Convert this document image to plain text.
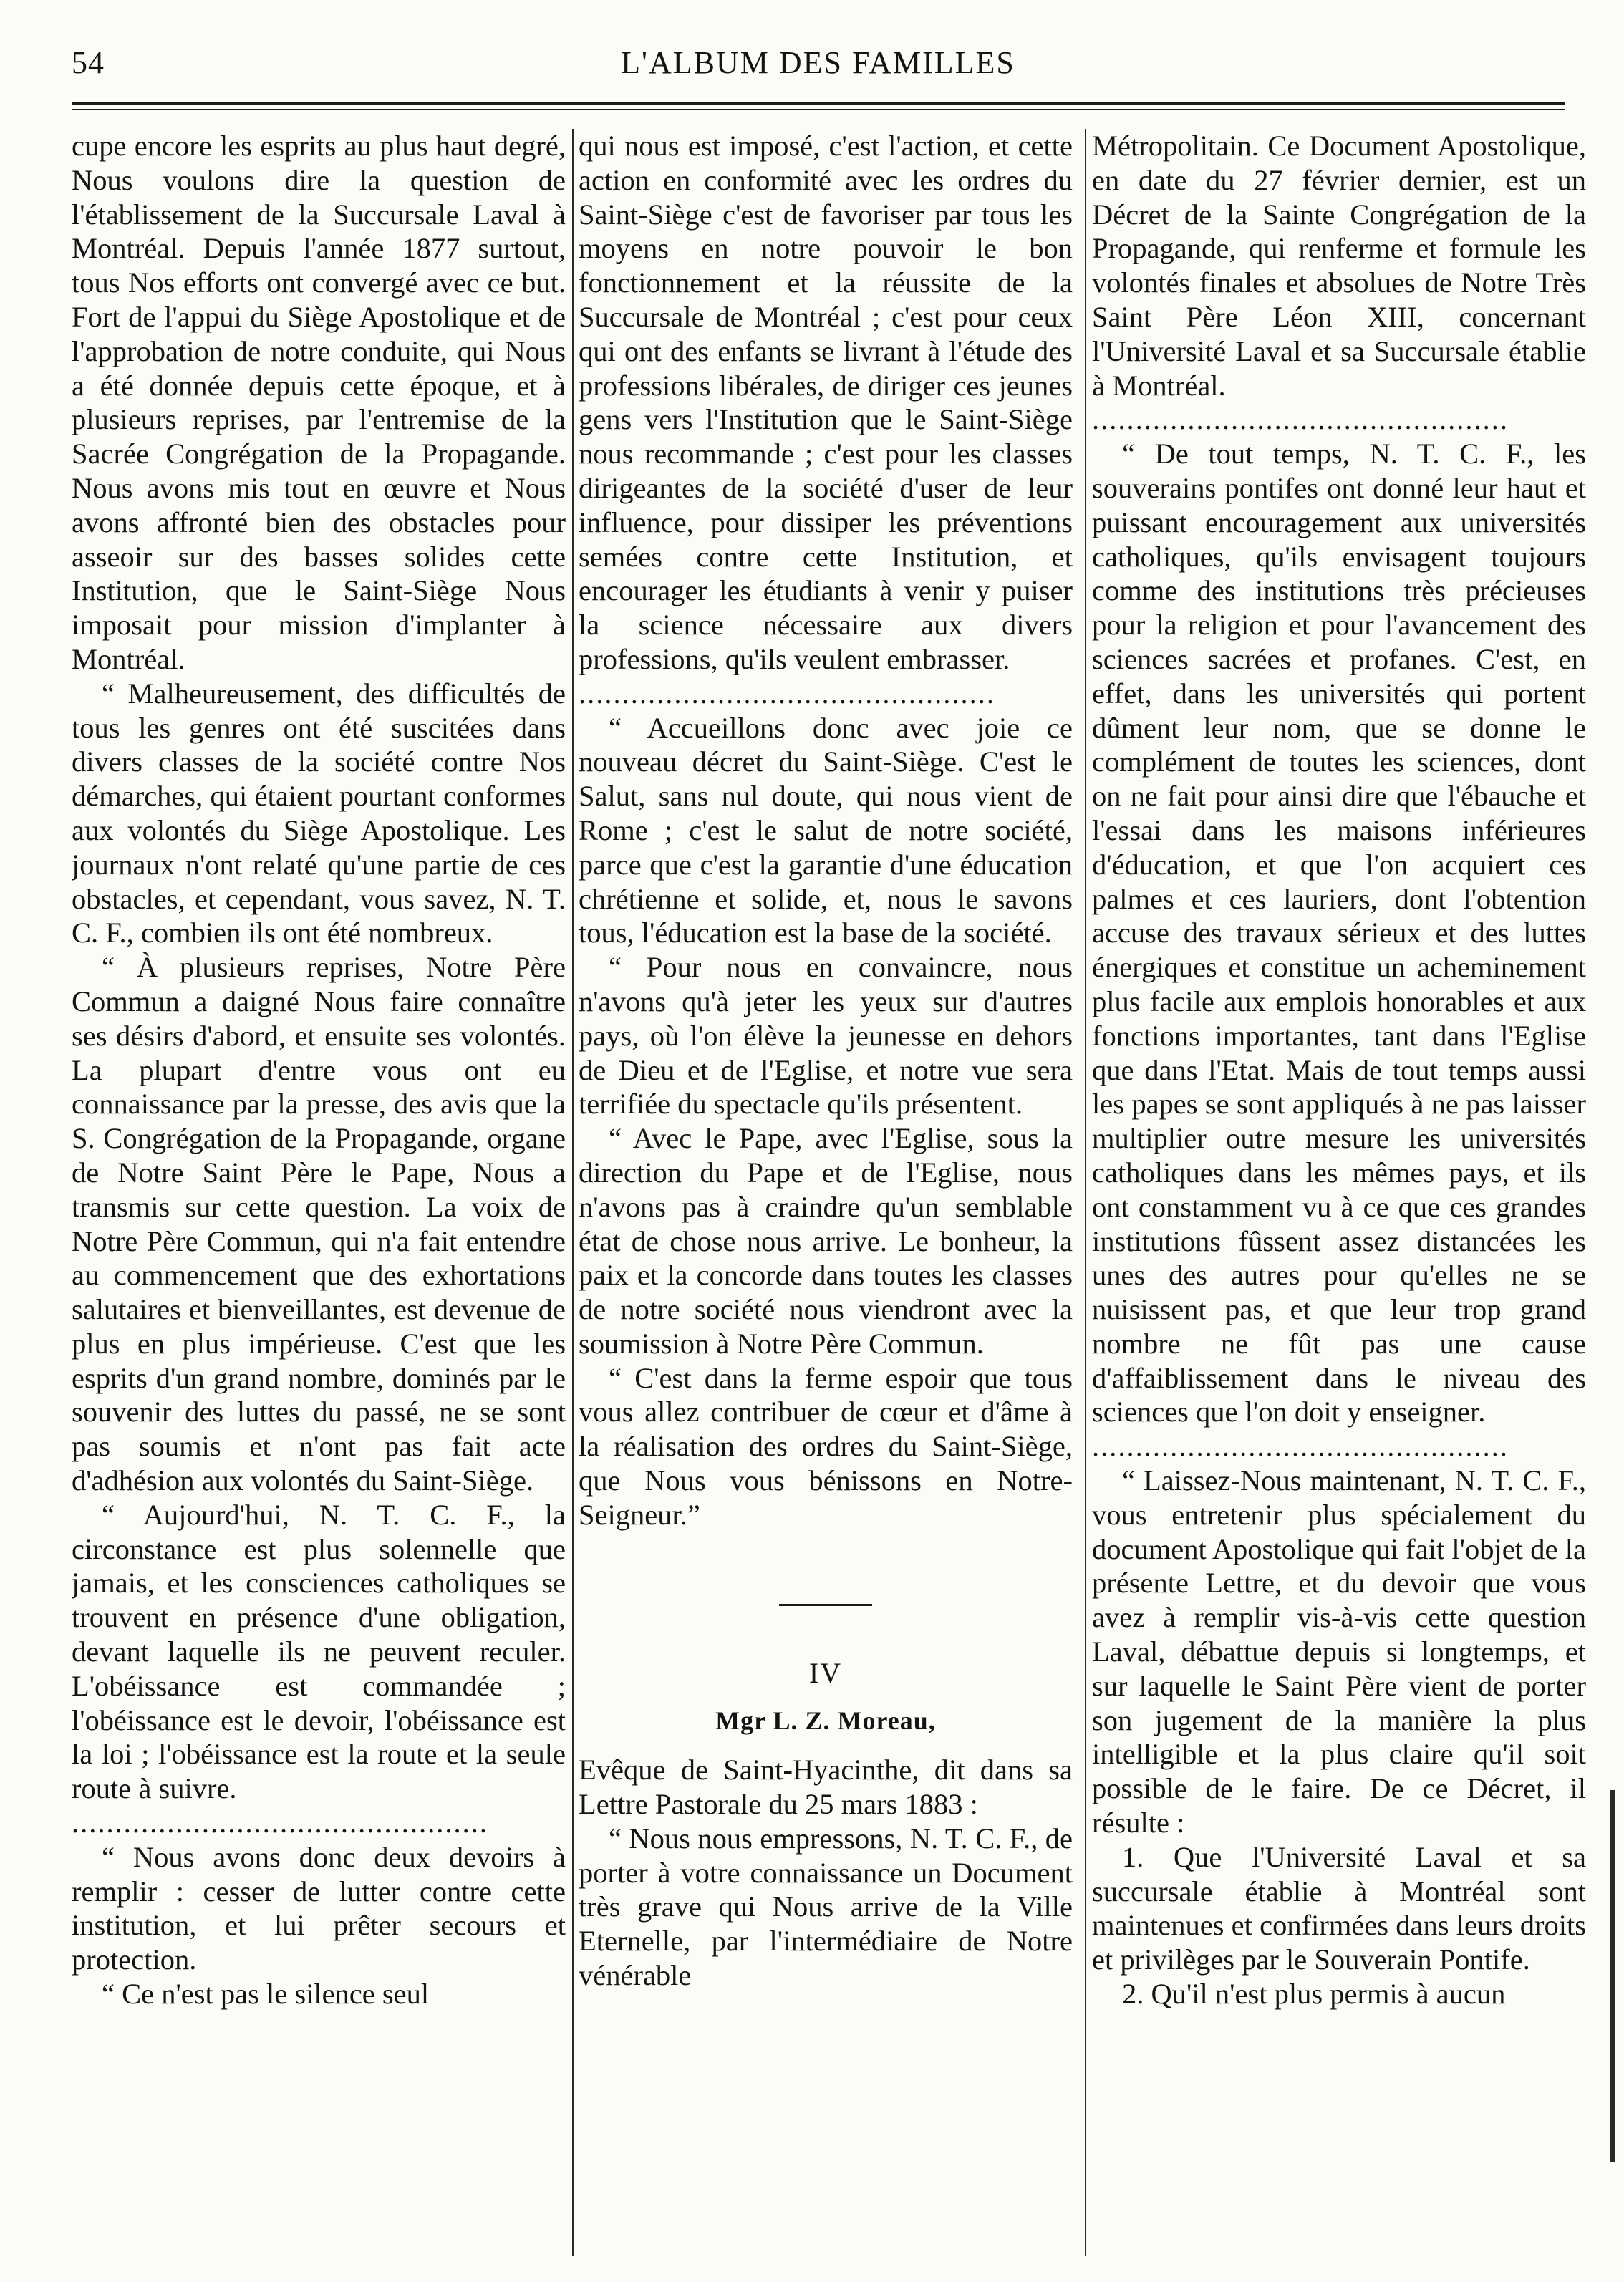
54	L'ALBUM DES FAMILLES

cupe encore les esprits au plus haut degré, Nous voulons dire la question de l'établissement de la Succursale Laval à Montréal. Depuis l'année 1877 surtout, tous Nos efforts ont convergé avec ce but. Fort de l'appui du Siège Apostolique et de l'approbation de notre conduite, qui Nous a été donnée depuis cette époque, et à plusieurs reprises, par l'entremise de la Sacrée Congrégation de la Propagande. Nous avons mis tout en œuvre et Nous avons affronté bien des obstacles pour asseoir sur des basses solides cette Institution, que le Saint-Siège Nous imposait pour mission d'implanter à Montréal.

“ Malheureusement, des difficultés de tous les genres ont été suscitées dans divers classes de la société contre Nos démarches, qui étaient pourtant conformes aux volontés du Siège Apostolique. Les journaux n'ont relaté qu'une partie de ces obstacles, et cependant, vous savez, N. T. C. F., combien ils ont été nombreux.

“ À plusieurs reprises, Notre Père Commun a daigné Nous faire connaître ses désirs d'abord, et ensuite ses volontés. La plupart d'entre vous ont eu connaissance par la presse, des avis que la S. Congrégation de la Propagande, organe de Notre Saint Père le Pape, Nous a transmis sur cette question. La voix de Notre Père Commun, qui n'a fait entendre au commencement que des exhortations salutaires et bienveillantes, est devenue de plus en plus impérieuse. C'est que les esprits d'un grand nombre, dominés par le souvenir des luttes du passé, ne se sont pas soumis et n'ont pas fait acte d'adhésion aux volontés du Saint-Siège.

“ Aujourd'hui, N. T. C. F., la circonstance est plus solennelle que jamais, et les consciences catholiques se trouvent en présence d'une obligation, devant laquelle ils ne peuvent reculer. L'obéissance est commandée ; l'obéissance est le devoir, l'obéissance est la loi ; l'obéissance est la route et la seule route à suivre.

................................................

“ Nous avons donc deux devoirs à remplir : cesser de lutter contre cette institution, et lui prêter secours et protection.

“ Ce n'est pas le silence seul

qui nous est imposé, c'est l'action, et cette action en conformité avec les ordres du Saint-Siège c'est de favoriser par tous les moyens en notre pouvoir le bon fonctionnement et la réussite de la Succursale de Montréal ; c'est pour ceux qui ont des enfants se livrant à l'étude des professions libérales, de diriger ces jeunes gens vers l'Institution que le Saint-Siège nous recommande ; c'est pour les classes dirigeantes de la société d'user de leur influence, pour dissiper les préventions semées contre cette Institution, et encourager les étudiants à venir y puiser la science nécessaire aux divers professions, qu'ils veulent embrasser.

................................................

“ Accueillons donc avec joie ce nouveau décret du Saint-Siège. C'est le Salut, sans nul doute, qui nous vient de Rome ; c'est le salut de notre société, parce que c'est la garantie d'une éducation chrétienne et solide, et, nous le savons tous, l'éducation est la base de la société.

“ Pour nous en convaincre, nous n'avons qu'à jeter les yeux sur d'autres pays, où l'on élève la jeunesse en dehors de Dieu et de l'Eglise, et notre vue sera terrifiée du spectacle qu'ils présentent.

“ Avec le Pape, avec l'Eglise, sous la direction du Pape et de l'Eglise, nous n'avons pas à craindre qu'un semblable état de chose nous arrive. Le bonheur, la paix et la concorde dans toutes les classes de notre société nous viendront avec la soumission à Notre Père Commun.

“ C'est dans la ferme espoir que tous vous allez contribuer de cœur et d'âme à la réalisation des ordres du Saint-Siège, que Nous vous bénissons en Notre-Seigneur.”

IV
Mgr L. Z. Moreau,

Evêque de Saint-Hyacinthe, dit dans sa Lettre Pastorale du 25 mars 1883 :

“ Nous nous empressons, N. T. C. F., de porter à votre connaissance un Document très grave qui Nous arrive de la Ville Eternelle, par l'intermédiaire de Notre vénérable

Métropolitain. Ce Document Apostolique, en date du 27 février dernier, est un Décret de la Sainte Congrégation de la Propagande, qui renferme et formule les volontés finales et absolues de Notre Très Saint Père Léon XIII, concernant l'Université Laval et sa Succursale établie à Montréal.

................................................

“ De tout temps, N. T. C. F., les souverains pontifes ont donné leur haut et puissant encouragement aux universités catholiques, qu'ils envisagent toujours comme des institutions très précieuses pour la religion et pour l'avancement des sciences sacrées et profanes. C'est, en effet, dans les universités qui portent dûment leur nom, que se donne le complément de toutes les sciences, dont on ne fait pour ainsi dire que l'ébauche et l'essai dans les maisons inférieures d'éducation, et que l'on acquiert ces palmes et ces lauriers, dont l'obtention accuse des travaux sérieux et des luttes énergiques et constitue un acheminement plus facile aux emplois honorables et aux fonctions importantes, tant dans l'Eglise que dans l'Etat. Mais de tout temps aussi les papes se sont appliqués à ne pas laisser multiplier outre mesure les universités catholiques dans les mêmes pays, et ils ont constamment vu à ce que ces grandes institutions fûssent assez distancées les unes des autres pour qu'elles ne se nuisissent pas, et que leur trop grand nombre ne fût pas une cause d'affaiblissement dans le niveau des sciences que l'on doit y enseigner.

................................................

“ Laissez-Nous maintenant, N. T. C. F., vous entretenir plus spécialement du document Apostolique qui fait l'objet de la présente Lettre, et du devoir que vous avez à remplir vis-à-vis cette question Laval, débattue depuis si longtemps, et sur laquelle le Saint Père vient de porter son jugement de la manière la plus intelligible et la plus claire qu'il soit possible de le faire. De ce Décret, il résulte :

1. Que l'Université Laval et sa succursale établie à Montréal sont maintenues et confirmées dans leurs droits et privilèges par le Souverain Pontife.

2. Qu'il n'est plus permis à aucun
